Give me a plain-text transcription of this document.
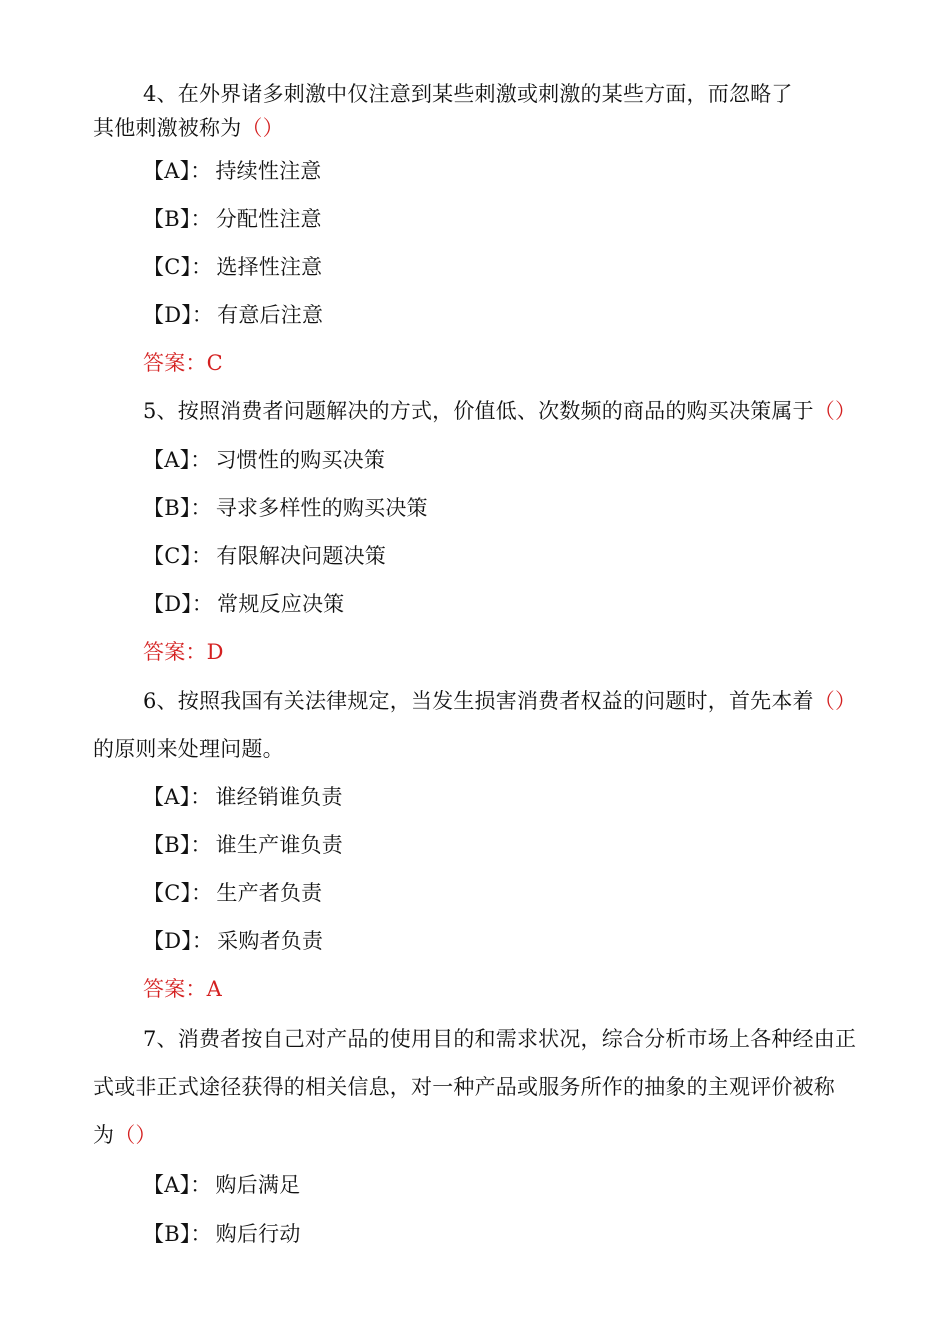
4、在外界诸多刺激中仅注意到某些刺激或刺激的某些方面，而忽略了
其他刺激被称为（）
【A】： 持续性注意
【B】： 分配性注意
【C】： 选择性注意
【D】： 有意后注意
答案：C
5、按照消费者问题解决的方式，价值低、次数频的商品的购买决策属于（）
【A】： 习惯性的购买决策
【B】： 寻求多样性的购买决策
【C】： 有限解决问题决策
【D】： 常规反应决策
答案：D
6、按照我国有关法律规定，当发生损害消费者权益的问题时，首先本着（）
的原则来处理问题。
【A】： 谁经销谁负责
【B】： 谁生产谁负责
【C】： 生产者负责
【D】： 采购者负责
答案：A
7、消费者按自己对产品的使用目的和需求状况，综合分析市场上各种经由正
式或非正式途径获得的相关信息，对一种产品或服务所作的抽象的主观评价被称
为（）
【A】： 购后满足
【B】： 购后行动
